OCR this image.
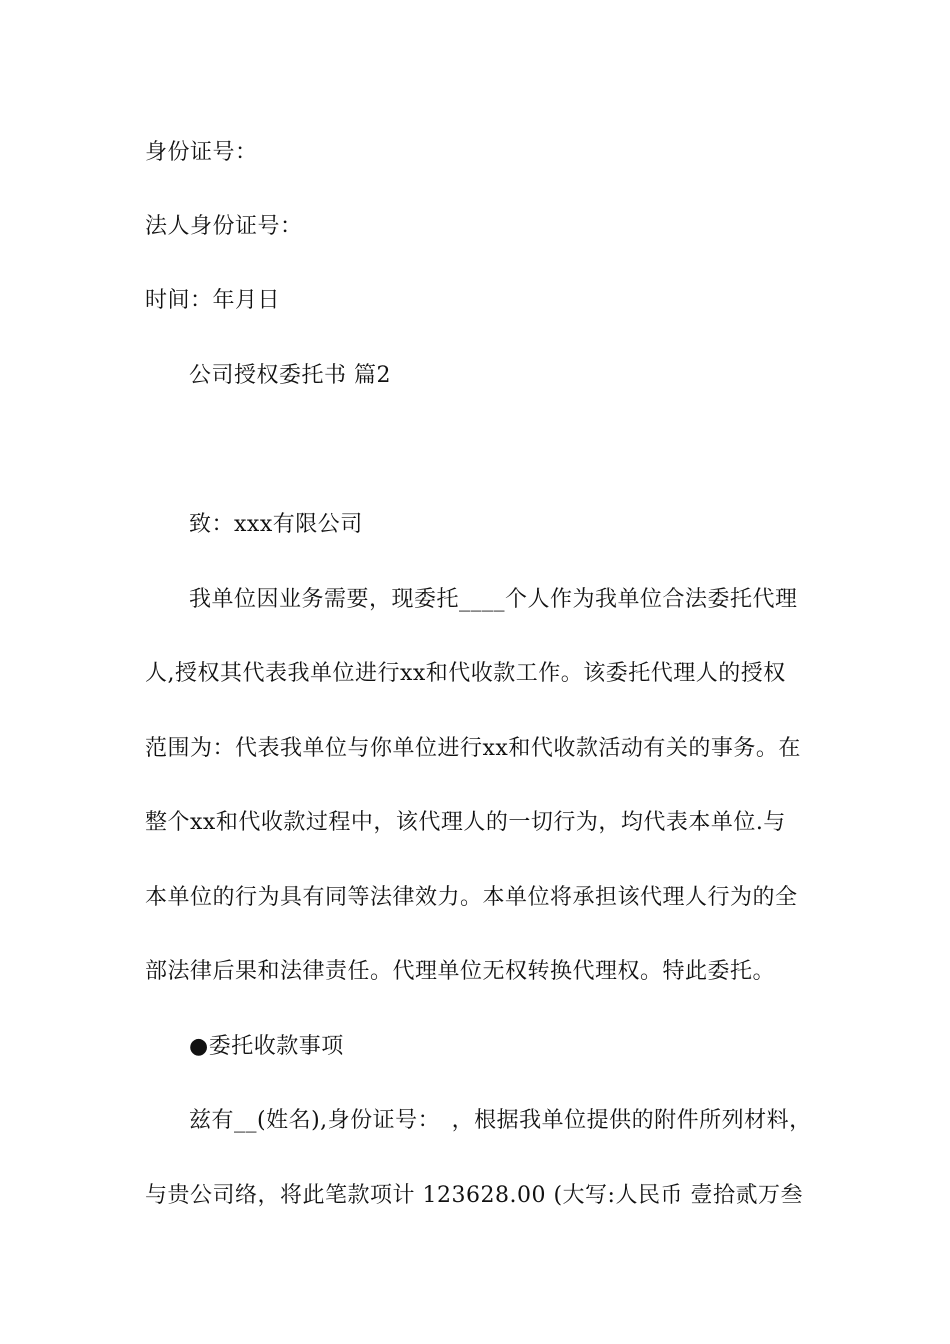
身份证号：
法人身份证号：
时间：年月日
公司授权委托书 篇2
致：xxx有限公司
我单位因业务需要，现委托____个人作为我单位合法委托代理
人,授权其代表我单位进行xx和代收款工作。该委托代理人的授权
范围为：代表我单位与你单位进行xx和代收款活动有关的事务。在
整个xx和代收款过程中，该代理人的一切行为，均代表本单位.与
本单位的行为具有同等法律效力。本单位将承担该代理人行为的全
部法律后果和法律责任。代理单位无权转换代理权。特此委托。
●委托收款事项
兹有__(姓名),身份证号：　，根据我单位提供的附件所列材料，
与贵公司络，将此笔款项计 123628.00 (大写:人民币 壹拾贰万叁
